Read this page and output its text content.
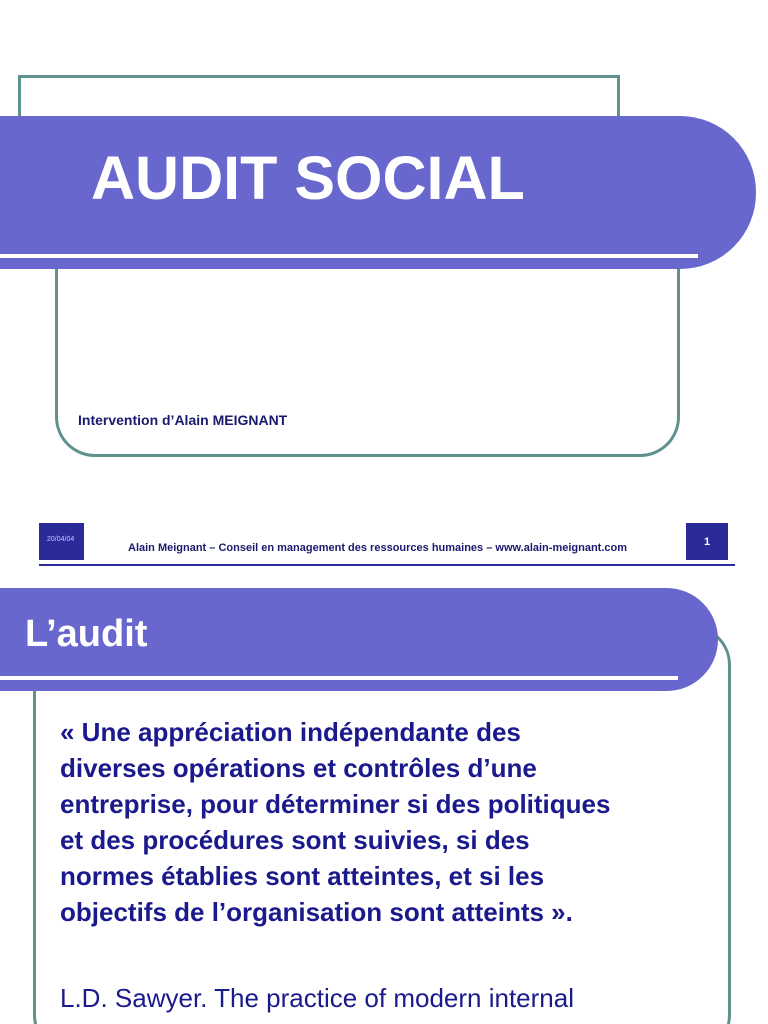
AUDIT SOCIAL

Intervention d’Alain MEIGNANT

20/04/04
Alain Meignant – Conseil en management des ressources humaines – www.alain-meignant.com
1
L’audit

« Une appréciation indépendante des
diverses opérations et contrôles d’une
entreprise, pour déterminer si des politiques
et des procédures sont suivies, si des
normes établies sont atteintes, et si les
objectifs de l’organisation sont atteints ».

L.D. Sawyer. The practice of modern internal
